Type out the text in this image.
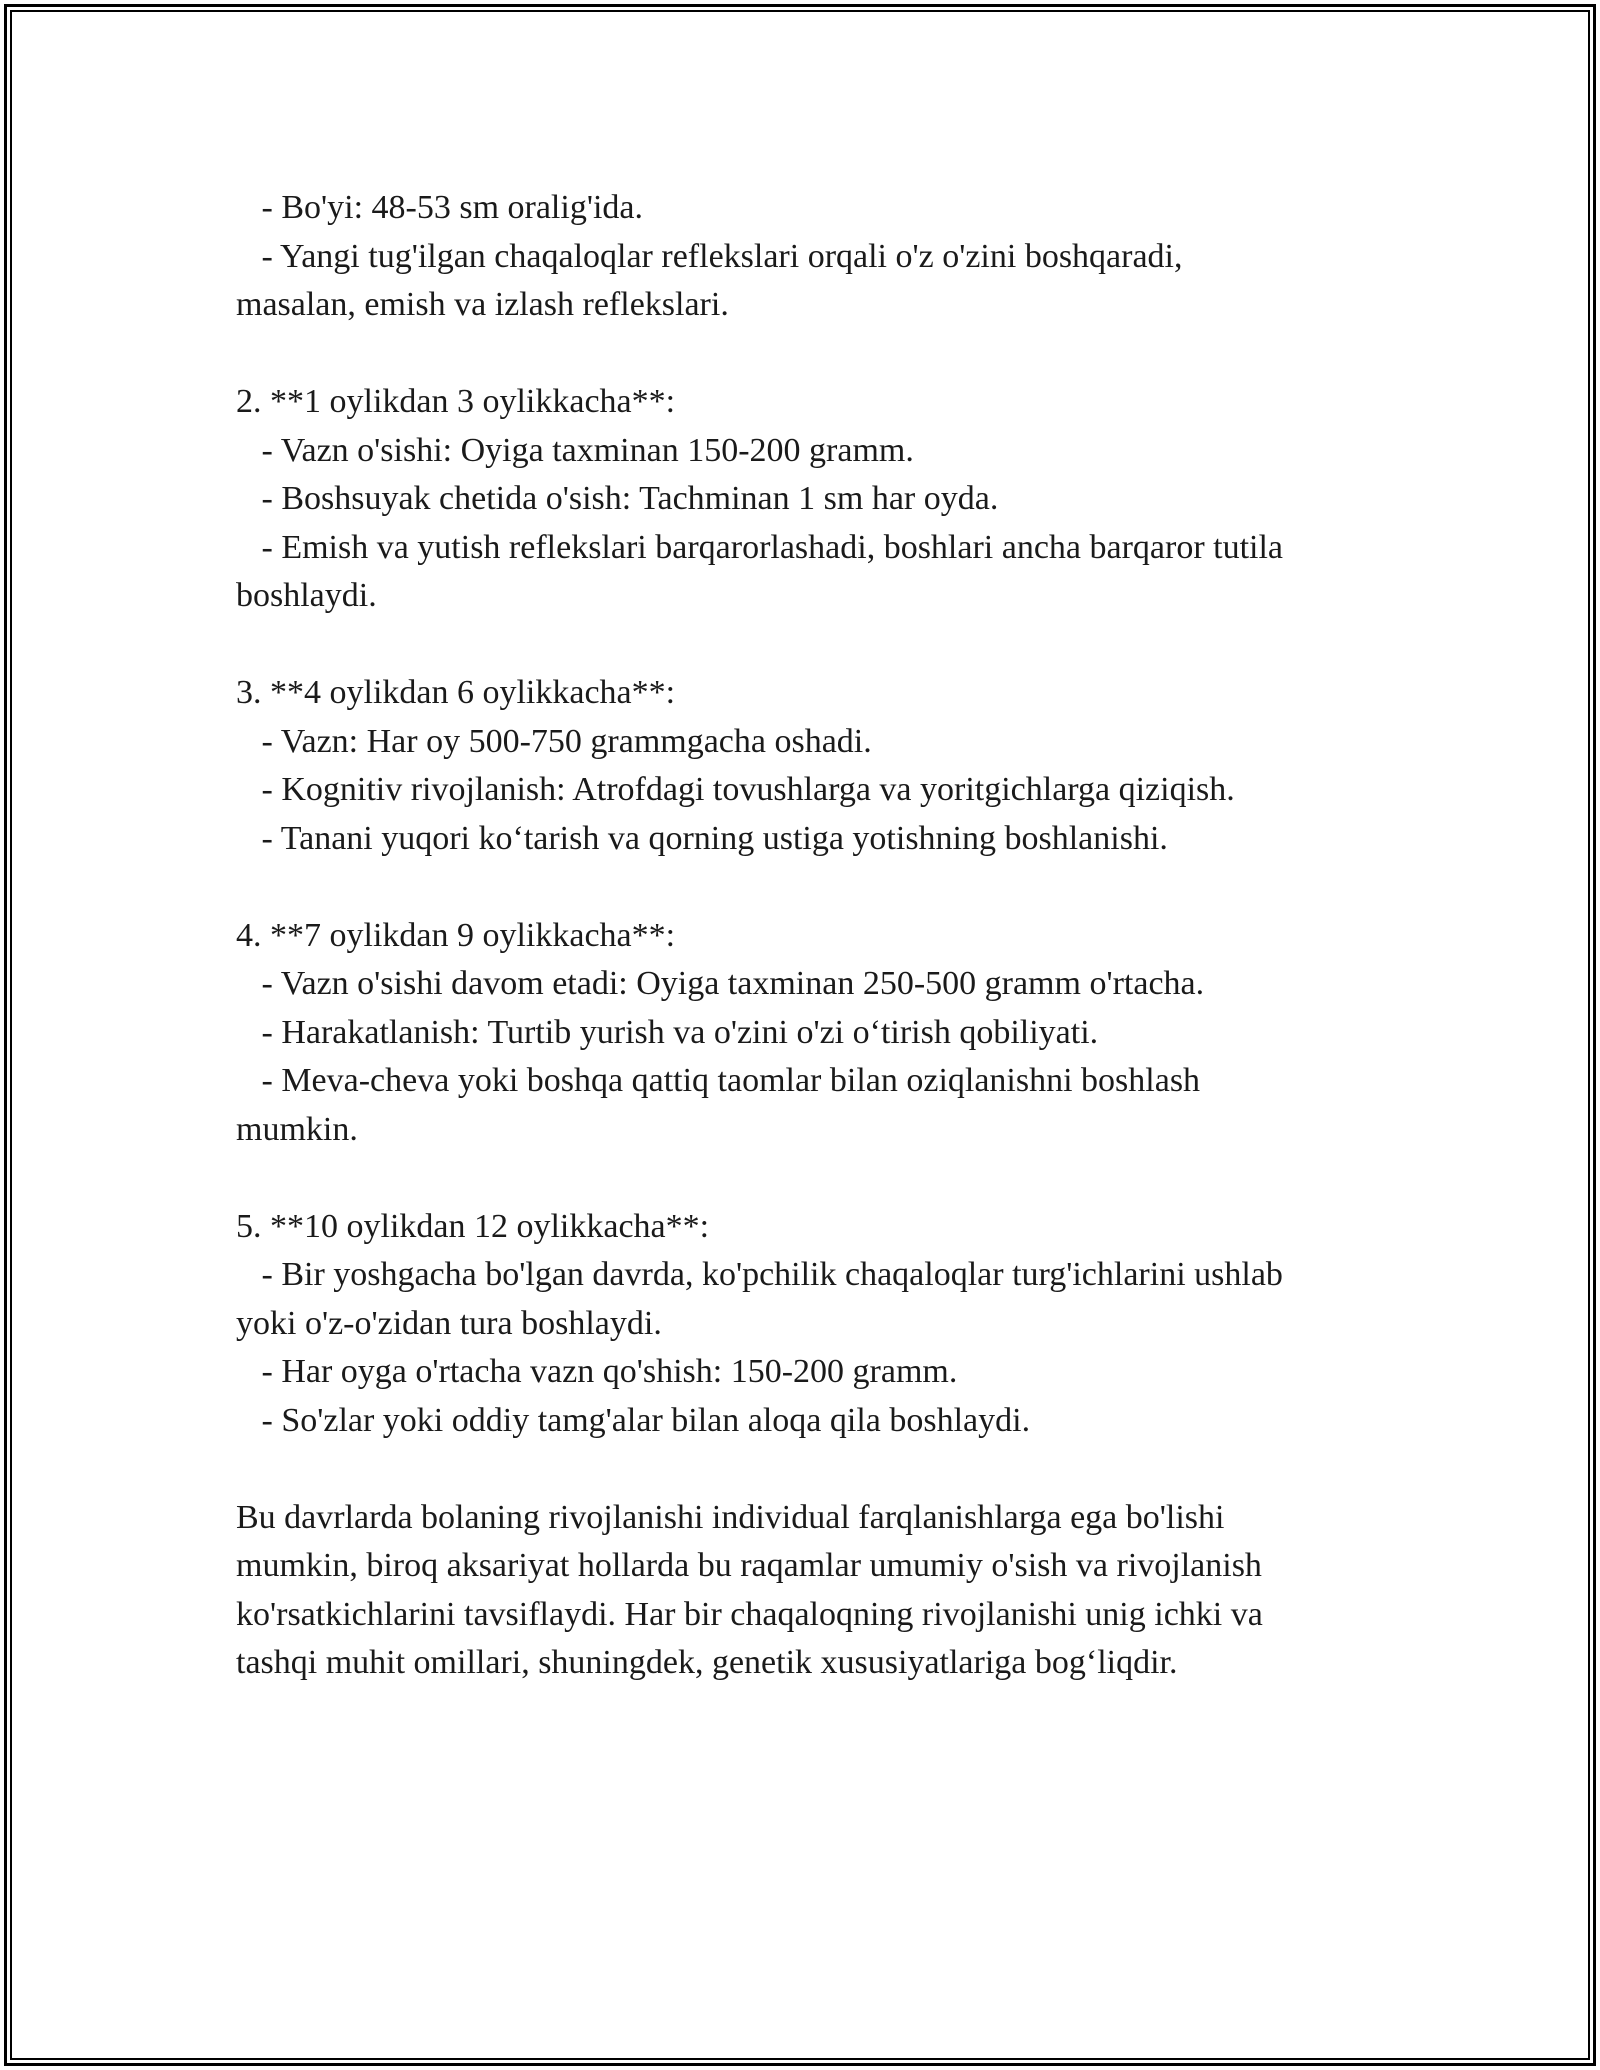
- Bo'yi: 48-53 sm oralig'ida.

- Yangi tug'ilgan chaqaloqlar reflekslari orqali o'z o'zini boshqaradi,

masalan, emish va izlash reflekslari.

2. **1 oylikdan 3 oylikkacha**:

- Vazn o'sishi: Oyiga taxminan 150-200 gramm.

- Boshsuyak chetida o'sish: Tachminan 1 sm har oyda.

- Emish va yutish reflekslari barqarorlashadi, boshlari ancha barqaror tutila

boshlaydi.

3. **4 oylikdan 6 oylikkacha**:

- Vazn: Har oy 500-750 grammgacha oshadi.

- Kognitiv rivojlanish: Atrofdagi tovushlarga va yoritgichlarga qiziqish.

- Tanani yuqori ko‘tarish va qorning ustiga yotishning boshlanishi.

4. **7 oylikdan 9 oylikkacha**:

- Vazn o'sishi davom etadi: Oyiga taxminan 250-500 gramm o'rtacha.

- Harakatlanish: Turtib yurish va o'zini o'zi o‘tirish qobiliyati.

- Meva-cheva yoki boshqa qattiq taomlar bilan oziqlanishni boshlash

mumkin.

5. **10 oylikdan 12 oylikkacha**:

- Bir yoshgacha bo'lgan davrda, ko'pchilik chaqaloqlar turg'ichlarini ushlab

yoki o'z-o'zidan tura boshlaydi.

- Har oyga o'rtacha vazn qo'shish: 150-200 gramm.

- So'zlar yoki oddiy tamg'alar bilan aloqa qila boshlaydi.

Bu davrlarda bolaning rivojlanishi individual farqlanishlarga ega bo'lishi

mumkin, biroq aksariyat hollarda bu raqamlar umumiy o'sish va rivojlanish

ko'rsatkichlarini tavsiflaydi. Har bir chaqaloqning rivojlanishi unig ichki va

tashqi muhit omillari, shuningdek, genetik xususiyatlariga bog‘liqdir.
